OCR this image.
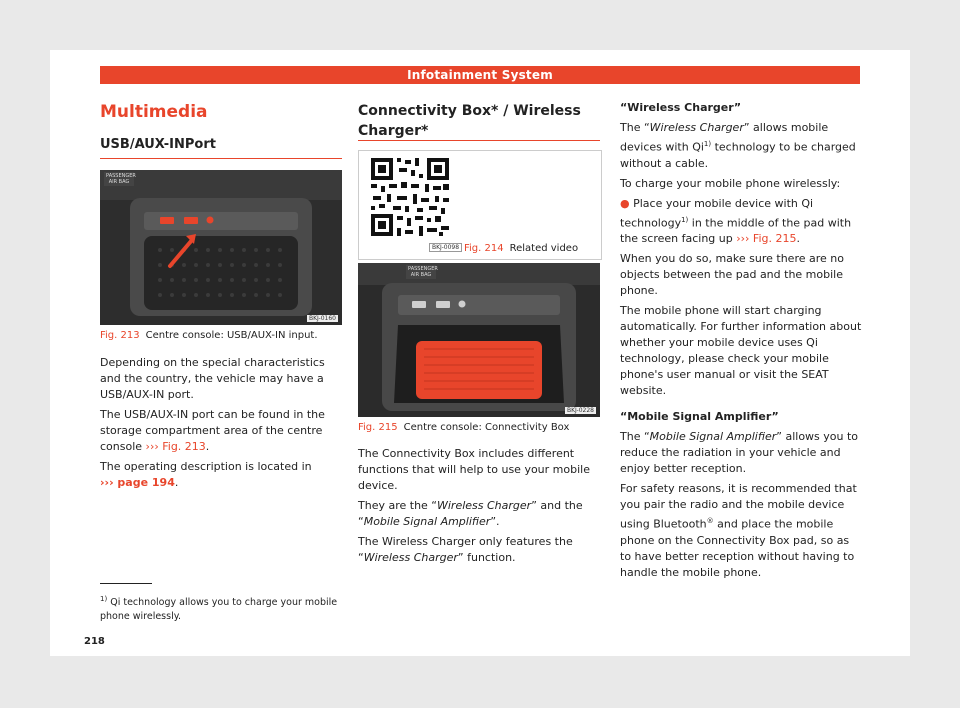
Infotainment System
Multimedia
USB/AUX-INPort
PASSENGER AIR BAG
BKJ-0160
Fig. 213 Centre console: USB/AUX-IN input.

Depending on the special characteristics and the country, the vehicle may have a USB/AUX-IN port.

The USB/AUX-IN port can be found in the storage compartment area of the centre console ››› Fig. 213.

The operating description is located in
››› page 194.

$^{1)}$ Qi technology allows you to charge your mobile phone wirelessly.
218
Connectivity Box* / Wireless Charger*
BKJ-0098 Fig. 214 Related video
PASSENGER AIR BAG
BKJ-0228
Fig. 215 Centre console: Connectivity Box

The Connectivity Box includes different functions that will help to use your mobile device.

They are the “Wireless Charger” and the “Mobile Signal Amplifier”.

The Wireless Charger only features the “Wireless Charger” function.

“Wireless Charger”

The “Wireless Charger” allows mobile devices with Qi$^{1)}$ technology to be charged without a cable.

To charge your mobile phone wirelessly:

● Place your mobile device with Qi technology$^{1)}$ in the middle of the pad with the screen facing up ››› Fig. 215.

When you do so, make sure there are no objects between the pad and the mobile phone.

The mobile phone will start charging automatically. For further information about whether your mobile device uses Qi technology, please check your mobile phone's user manual or visit the SEAT website.

“Mobile Signal Amplifier”

The “Mobile Signal Amplifier” allows you to reduce the radiation in your vehicle and enjoy better reception.

For safety reasons, it is recommended that you pair the radio and the mobile device using Bluetooth® and place the mobile phone on the Connectivity Box pad, so as to have better reception without having to handle the mobile phone.
